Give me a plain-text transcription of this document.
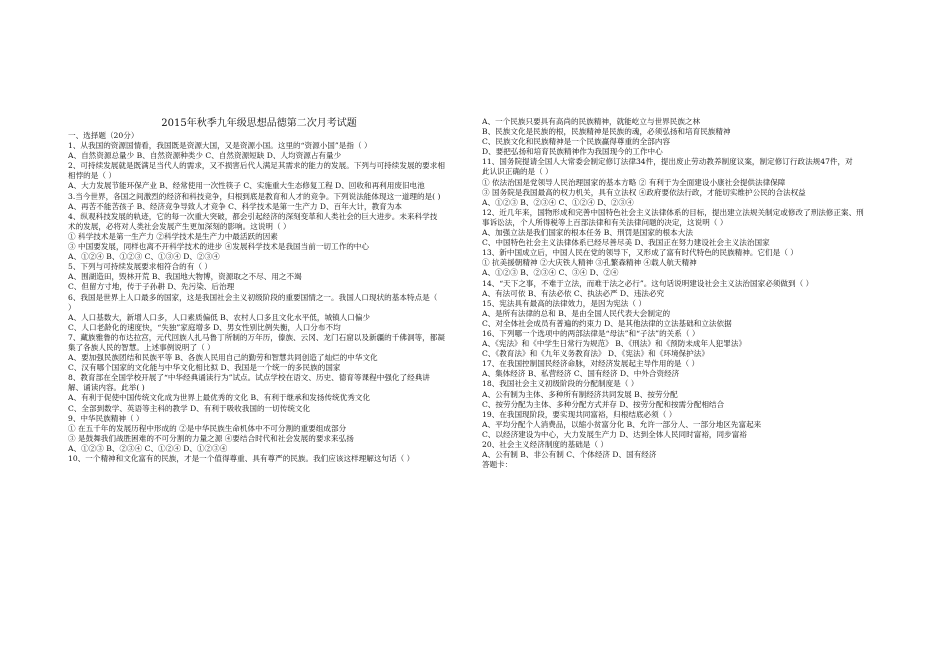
2015年秋季九年级思想品德第二次月考试题
一、选择题（20分）
1、从我国的资源国情看，我国既是资源大国，又是资源小国。这里的“资源小国”是指（ ）
A、自然资源总量少 B、自然资源种类少 C、自然资源短缺 D、人均资源占有量少
2、可持续发展就是既满足当代人的需求，又不损害后代人满足其需求的能力的发展。下列与可持续发展的要求相
相悖的是（ ）
A、大力发展节能环保产业 B、经常使用一次性筷子 C、实施重大生态修复工程 D、回收和再利用废旧电池
3.当今世界，各国之间激烈的经济和科技竞争，归根到底是教育和人才的竞争。下列说法能体现这一道理的是( )
A、再苦不能苦孩子 B、经济竞争导致人才竞争 C、科学技术是第一生产力 D、百年大计，教育为本
4、纵观科技发展的轨迹，它的每一次重大突破，都会引起经济的深刻变革和人类社会的巨大进步。未来科学技
术的发展，必将对人类社会发展产生更加深刻的影响。这说明（ ）
① 科学技术是第一生产力 ②科学技术是生产力中最活跃的因素
③ 中国要发展，同样也离不开科学技术的进步 ④发展科学技术是我国当前一切工作的中心
A、①②④ B、①②③ C、①③④ D、②③④
5、下列与可持续发展要求相符合的有（ ）
A、围湖造田，毁林开荒 B、我国地大物博，资源取之不尽、用之不竭
C、但留方寸地，传于子孙耕 D、先污染、后治理
6、我国是世界上人口最多的国家，这是我国社会主义初级阶段的重要国情之一。我国人口现状的基本特点是（
）
A、人口基数大，新增人口多，人口素质偏低 B、农村人口多且文化水平低，城镇人口偏少
C、人口老龄化的速度快，“失独”家庭增多 D、男女性别比例失衡，人口分布不均
7、藏族雅鲁的布达拉宫，元代回族人扎马鲁丁所制的万年历，傣族、云冈、龙门石窟以及新疆的千佛洞等，都凝
集了各族人民的智慧。上述事例说明了（ ）
A、要加强民族团结和民族平等 B、各族人民用自己的勤劳和智慧共同创造了灿烂的中华文化
C、汉有哪个国家的文化能与中华文化相比拟 D、我国是一个统一的多民族的国家
8、教育部在全国学校开展了“中华经典诵读行为”试点。试点学校在语文、历史、德育等课程中强化了经典讲
解、诵读内容。此举( )
A、有利于促使中国传统文化成为世界上最优秀的文化 B、有利于继承和发扬传统优秀文化
C、全部到数学、英语等主科的教学 D、有利于吸收我国的一切传统文化
9、中华民族精神（ ）
① 在五千年的发展历程中形成的 ②是中华民族生命机体中不可分割的重要组成部分
③ 是鼓舞我们战胜困难的不可分割的力量之源 ④要结合时代和社会发展的要求来弘扬
A、①②③ B、②③④ C、①②④ D、①②③④
10、一个精神和文化富有的民族，才是一个值得尊重、具有尊严的民族。我们应该这样理解这句话（ ）
A、一个民族只要具有高尚的民族精神，就能屹立与世界民族之林
B、民族文化是民族的根，民族精神是民族的魂，必须弘扬和培育民族精神
C、民族文化和民族精神是一个民族赢得尊重的全部内容
D、要把弘扬和培育民族精神作为我国现今的工作中心
11、国务院提请全国人大常委会制定修订法律34件，提出废止劳动教养制度议案，制定修订行政法规47件，对
此认识正确的是（ ）
① 依法治国是党领导人民治理国家的基本方略 ② 有利于为全面建设小康社会提供法律保障
③ 国务院是我国最高的权力机关，具有立法权 ④政府要依法行政，才能切实维护公民的合法权益
A、①②③ B、②③④ C、①②④ D、②③④
12、近几年来，国物形成和完善中国特色社会主义法律体系的目标，提出建立法规关制定或修改了刑法修正案、刑
事诉讼法，个人所得税等上百部法律和有关法律问题的决定，这说明（ ）
A、加强立法是我们国家的根本任务 B、刑罚是国家的根本大法
C、中国特色社会主义法律体系已经尽善尽美 D、我国正在努力建设社会主义法治国家
13、新中国成立后，中国人民在党的领导下，又形成了富有时代特色的民族精神。它们是（ ）
① 抗美援朝精神 ②大庆铁人精神 ③孔繁森精神 ④载人航天精神
A、①②③ B、②③④ C、③④ D、②④
14、“天下之事，不难于立法，而难于法之必行”。这句话说明建设社会主义法治国家必须做到（ ）
A、有法可依 B、有法必依 C、执法必严 D、违法必究
15、宪法具有最高的法律效力，是因为宪法（ ）
A、是所有法律的总和 B、是由全国人民代表大会制定的
C、对全体社会成员有普遍的约束力 D、是其他法律的立法基础和立法依据
16、下列哪一个选项中的两部法律是“母法”和“子法”的关系（ ）
A、《宪法》和《中学生日常行为规范》 B、《刑法》和《预防未成年人犯罪法》
C、《教育法》和《九年义务教育法》 D、《宪法》和《环境保护法》
17、在我国控制国民经济命脉，对经济发展起主导作用的是（ ）
A、集体经济 B、私营经济 C、国有经济 D、中外合资经济
18、我国社会主义初级阶段的分配制度是（ ）
A、公有制为主体、多种所有制经济共同发展 B、按劳分配
C、按劳分配为主体、多种分配方式并存 D、按劳分配和按需分配相结合
19、在我国现阶段，要实现共同富裕，归根结底必须（ ）
A、平均分配个人消费品，以缩小贫富分化 B、允许一部分人、一部分地区先富起来
C、以经济建设为中心，大力发展生产力 D、达到全体人民同时富裕，同步富裕
20、社会主义经济制度的基础是（ ）
A、公有制 B、非公有制 C、个体经济 D、国有经济
答题卡：
